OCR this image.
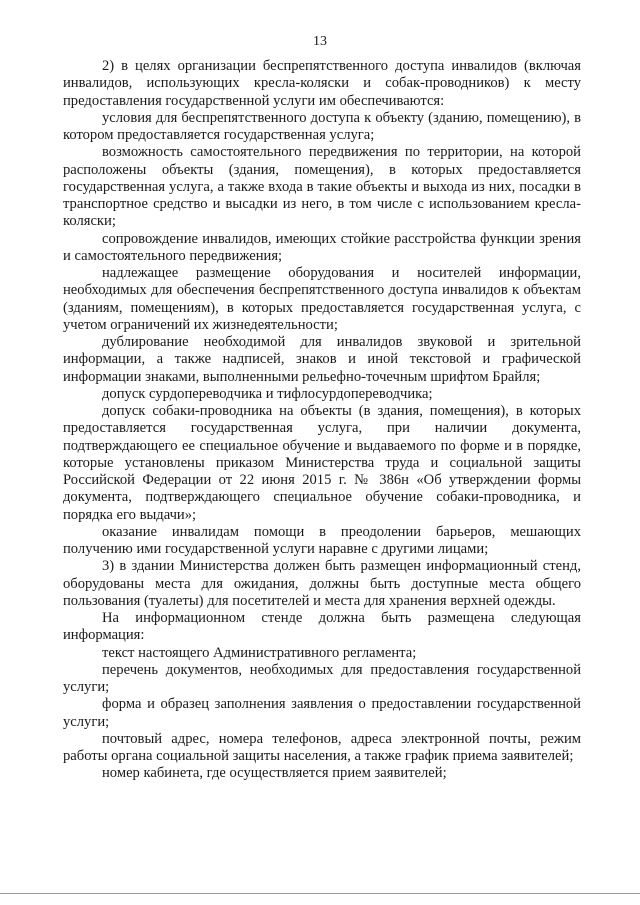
13

2) в целях организации беспрепятственного доступа инвалидов (включая инвалидов, использующих кресла-коляски и собак-проводников) к месту предоставления государственной услуги им обеспечиваются:

условия для беспрепятственного доступа к объекту (зданию, помещению), в котором предоставляется государственная услуга;

возможность самостоятельного передвижения по территории, на которой расположены объекты (здания, помещения), в которых предоставляется государственная услуга, а также входа в такие объекты и выхода из них, посадки в транспортное средство и высадки из него, в том числе с использованием кресла-коляски;

сопровождение инвалидов, имеющих стойкие расстройства функции зрения и самостоятельного передвижения;

надлежащее размещение оборудования и носителей информации, необходимых для обеспечения беспрепятственного доступа инвалидов к объектам (зданиям, помещениям), в которых предоставляется государственная услуга, с учетом ограничений их жизнедеятельности;

дублирование необходимой для инвалидов звуковой и зрительной информации, а также надписей, знаков и иной текстовой и графической информации знаками, выполненными рельефно-точечным шрифтом Брайля;

допуск сурдопереводчика и тифлосурдопереводчика;

допуск собаки-проводника на объекты (в здания, помещения), в которых предоставляется государственная услуга, при наличии документа, подтверждающего ее специальное обучение и выдаваемого по форме и в порядке, которые установлены приказом Министерства труда и социальной защиты Российской Федерации от 22 июня 2015 г. № 386н «Об утверждении формы документа, подтверждающего специальное обучение собаки-проводника, и порядка его выдачи»;

оказание инвалидам помощи в преодолении барьеров, мешающих получению ими государственной услуги наравне с другими лицами;

3) в здании Министерства должен быть размещен информационный стенд, оборудованы места для ожидания, должны быть доступные места общего пользования (туалеты) для посетителей и места для хранения верхней одежды.

На информационном стенде должна быть размещена следующая информация:

текст настоящего Административного регламента;

перечень документов, необходимых для предоставления государственной услуги;

форма и образец заполнения заявления о предоставлении государственной услуги;

почтовый адрес, номера телефонов, адреса электронной почты, режим работы органа социальной защиты населения, а также график приема заявителей;

номер кабинета, где осуществляется прием заявителей;
